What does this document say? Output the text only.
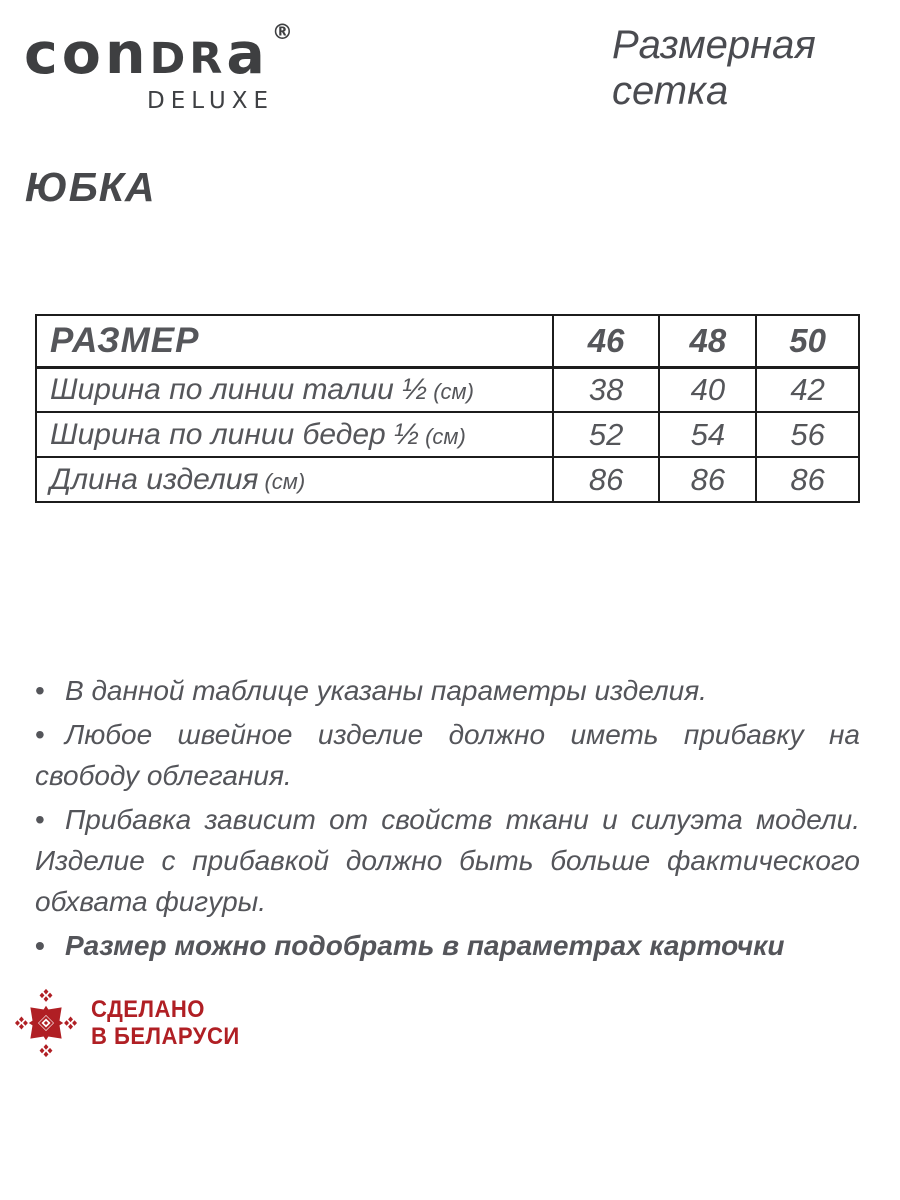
conDRa ®
DELUXE
Размерная сетка
ЮБКА
РАЗМЕР	46	48	50
Ширина по линии талии ½ (см)	38	40	42
Ширина по линии бедер ½ (см)	52	54	56
Длина изделия (см)	86	86	86
•В данной таблице указаны параметры изделия.
•Любое швейное изделие должно иметь прибавку на
свободу облегания.
•Прибавка зависит от свойств ткани и силуэта модели.
Изделие с прибавкой должно быть больше фактического
обхвата фигуры.
•Размер можно подобрать в параметрах карточки
СДЕЛАНО
В БЕЛАРУСИ
